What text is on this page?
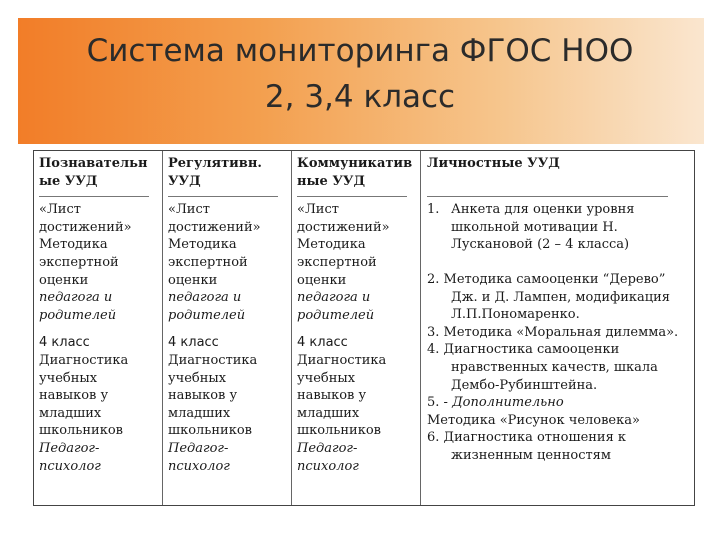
Система мониторинга ФГОС НОО
2, 3,4 класс

Познавательн

ые УУД

«Лист

достижений»

Методика

экспертной

оценки

педагога и

родителей

4 класс

Диагностика

учебных

навыков у

младших

школьников

Педагог-психолог

Регулятивн.

УУД

«Лист

достижений»

Методика

экспертной

оценки

педагога и

родителей

4 класс

Диагностика

учебных

навыков у

младших

школьников

Педагог-психолог

Коммуникатив

ные УУД

«Лист

достижений»

Методика

экспертной

оценки

педагога и

родителей

4 класс

Диагностика

учебных

навыков у

младших

школьников

Педагог-психолог

Личностные УУД

1. Анкета для оценки уровня

школьной мотивации Н.

Лускановой (2 – 4 класса)

2. Методика самооценки “Дерево”

Дж. и Д. Лампен, модификация

Л.П.Пономаренко.

3. Методика «Моральная дилемма».

4. Диагностика самооценки

нравственных качеств, шкала

Дембо-Рубинштейна.

5. - Дополнительно

Методика «Рисунок человека»

6. Диагностика отношения к

жизненным ценностям
